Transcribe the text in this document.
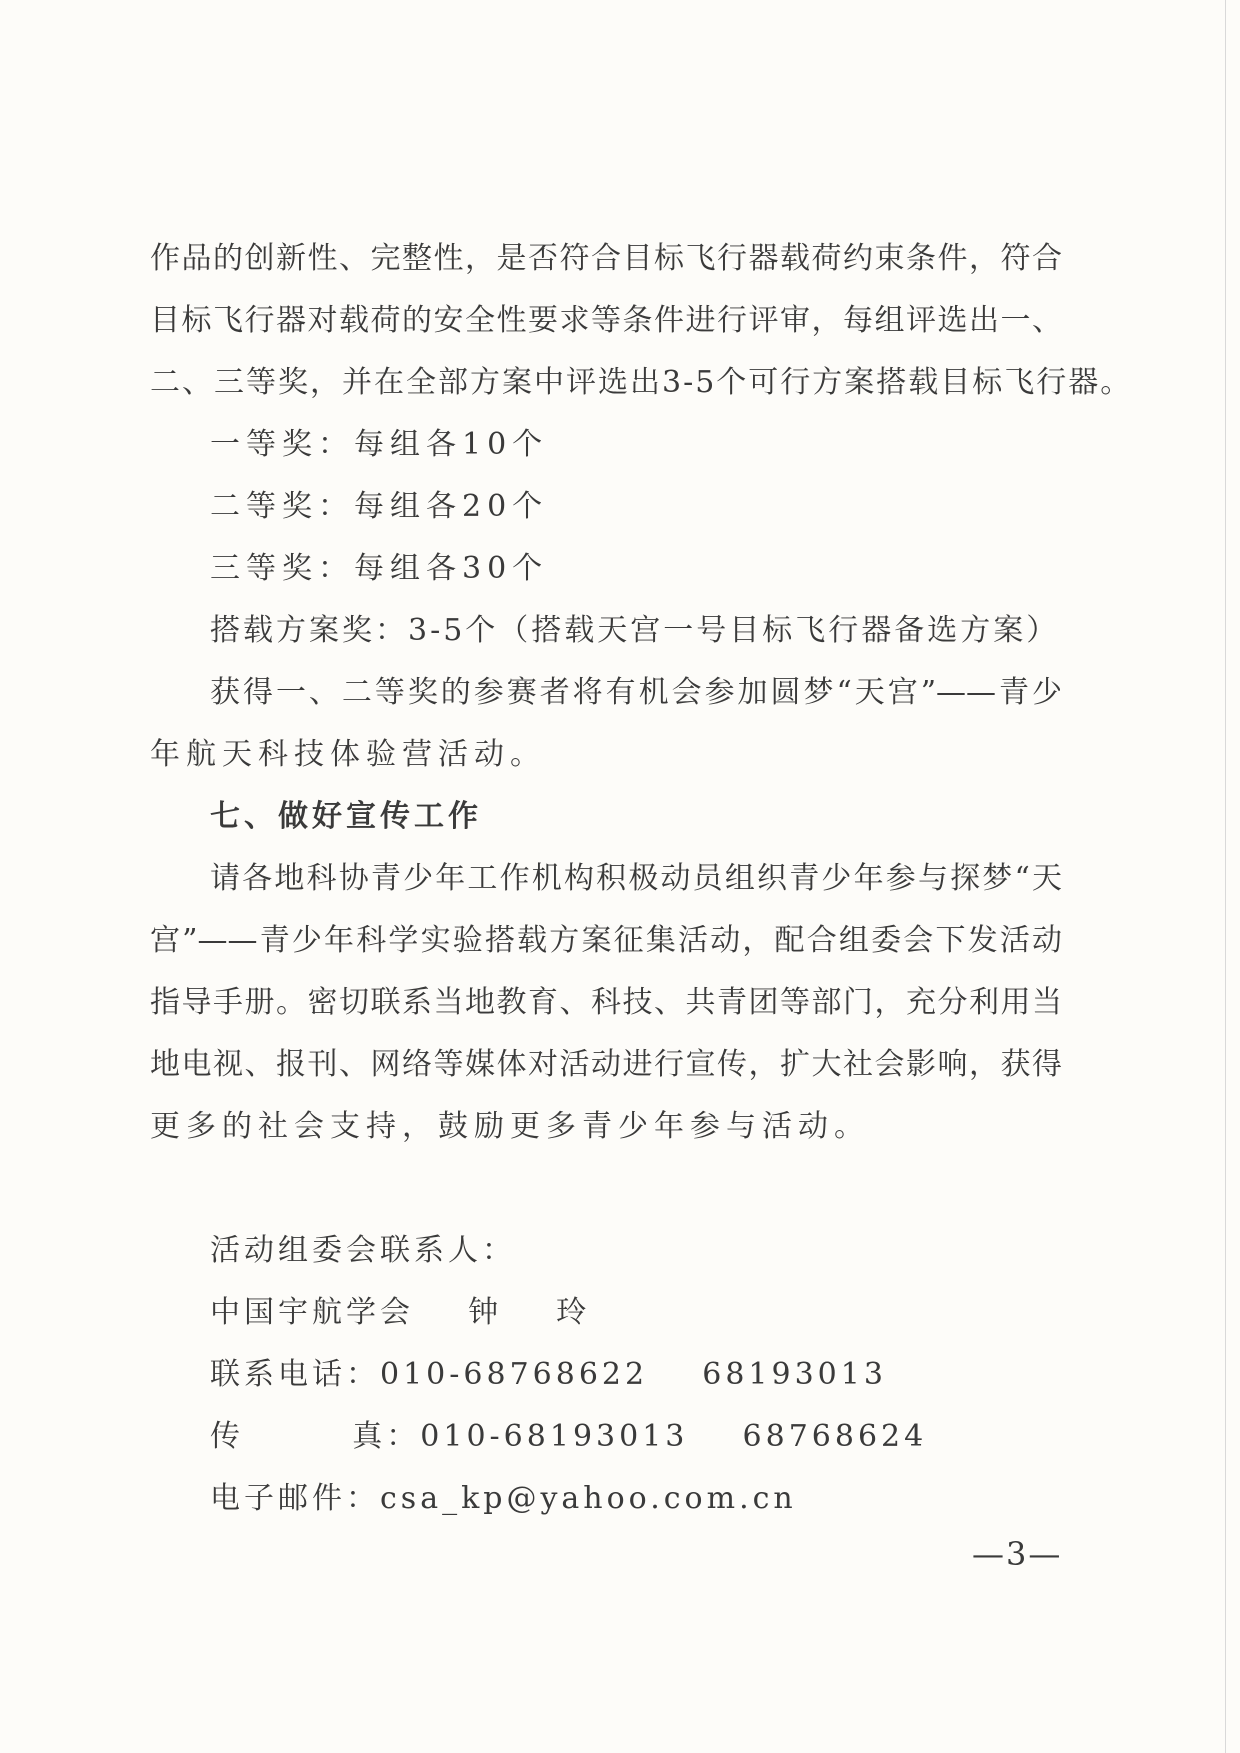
作品的创新性、完整性，是否符合目标飞行器载荷约束条件，符合
目标飞行器对载荷的安全性要求等条件进行评审，每组评选出一、
二、三等奖，并在全部方案中评选出3-5个可行方案搭载目标飞行器。
一等奖：每组各10个
二等奖：每组各20个
三等奖：每组各30个
搭载方案奖：3-5个（搭载天宫一号目标飞行器备选方案）
获得一、二等奖的参赛者将有机会参加圆梦“天宫”——青少
年航天科技体验营活动。
七、做好宣传工作
请各地科协青少年工作机构积极动员组织青少年参与探梦“天
宫”——青少年科学实验搭载方案征集活动，配合组委会下发活动
指导手册。密切联系当地教育、科技、共青团等部门，充分利用当
地电视、报刊、网络等媒体对活动进行宣传，扩大社会影响，获得
更多的社会支持，鼓励更多青少年参与活动。
活动组委会联系人：
中国宇航学会    钟    玲
联系电话：010-68768622    68193013
传        真：010-68193013    68768624
电子邮件：csa_kp@yahoo.com.cn
—3—
